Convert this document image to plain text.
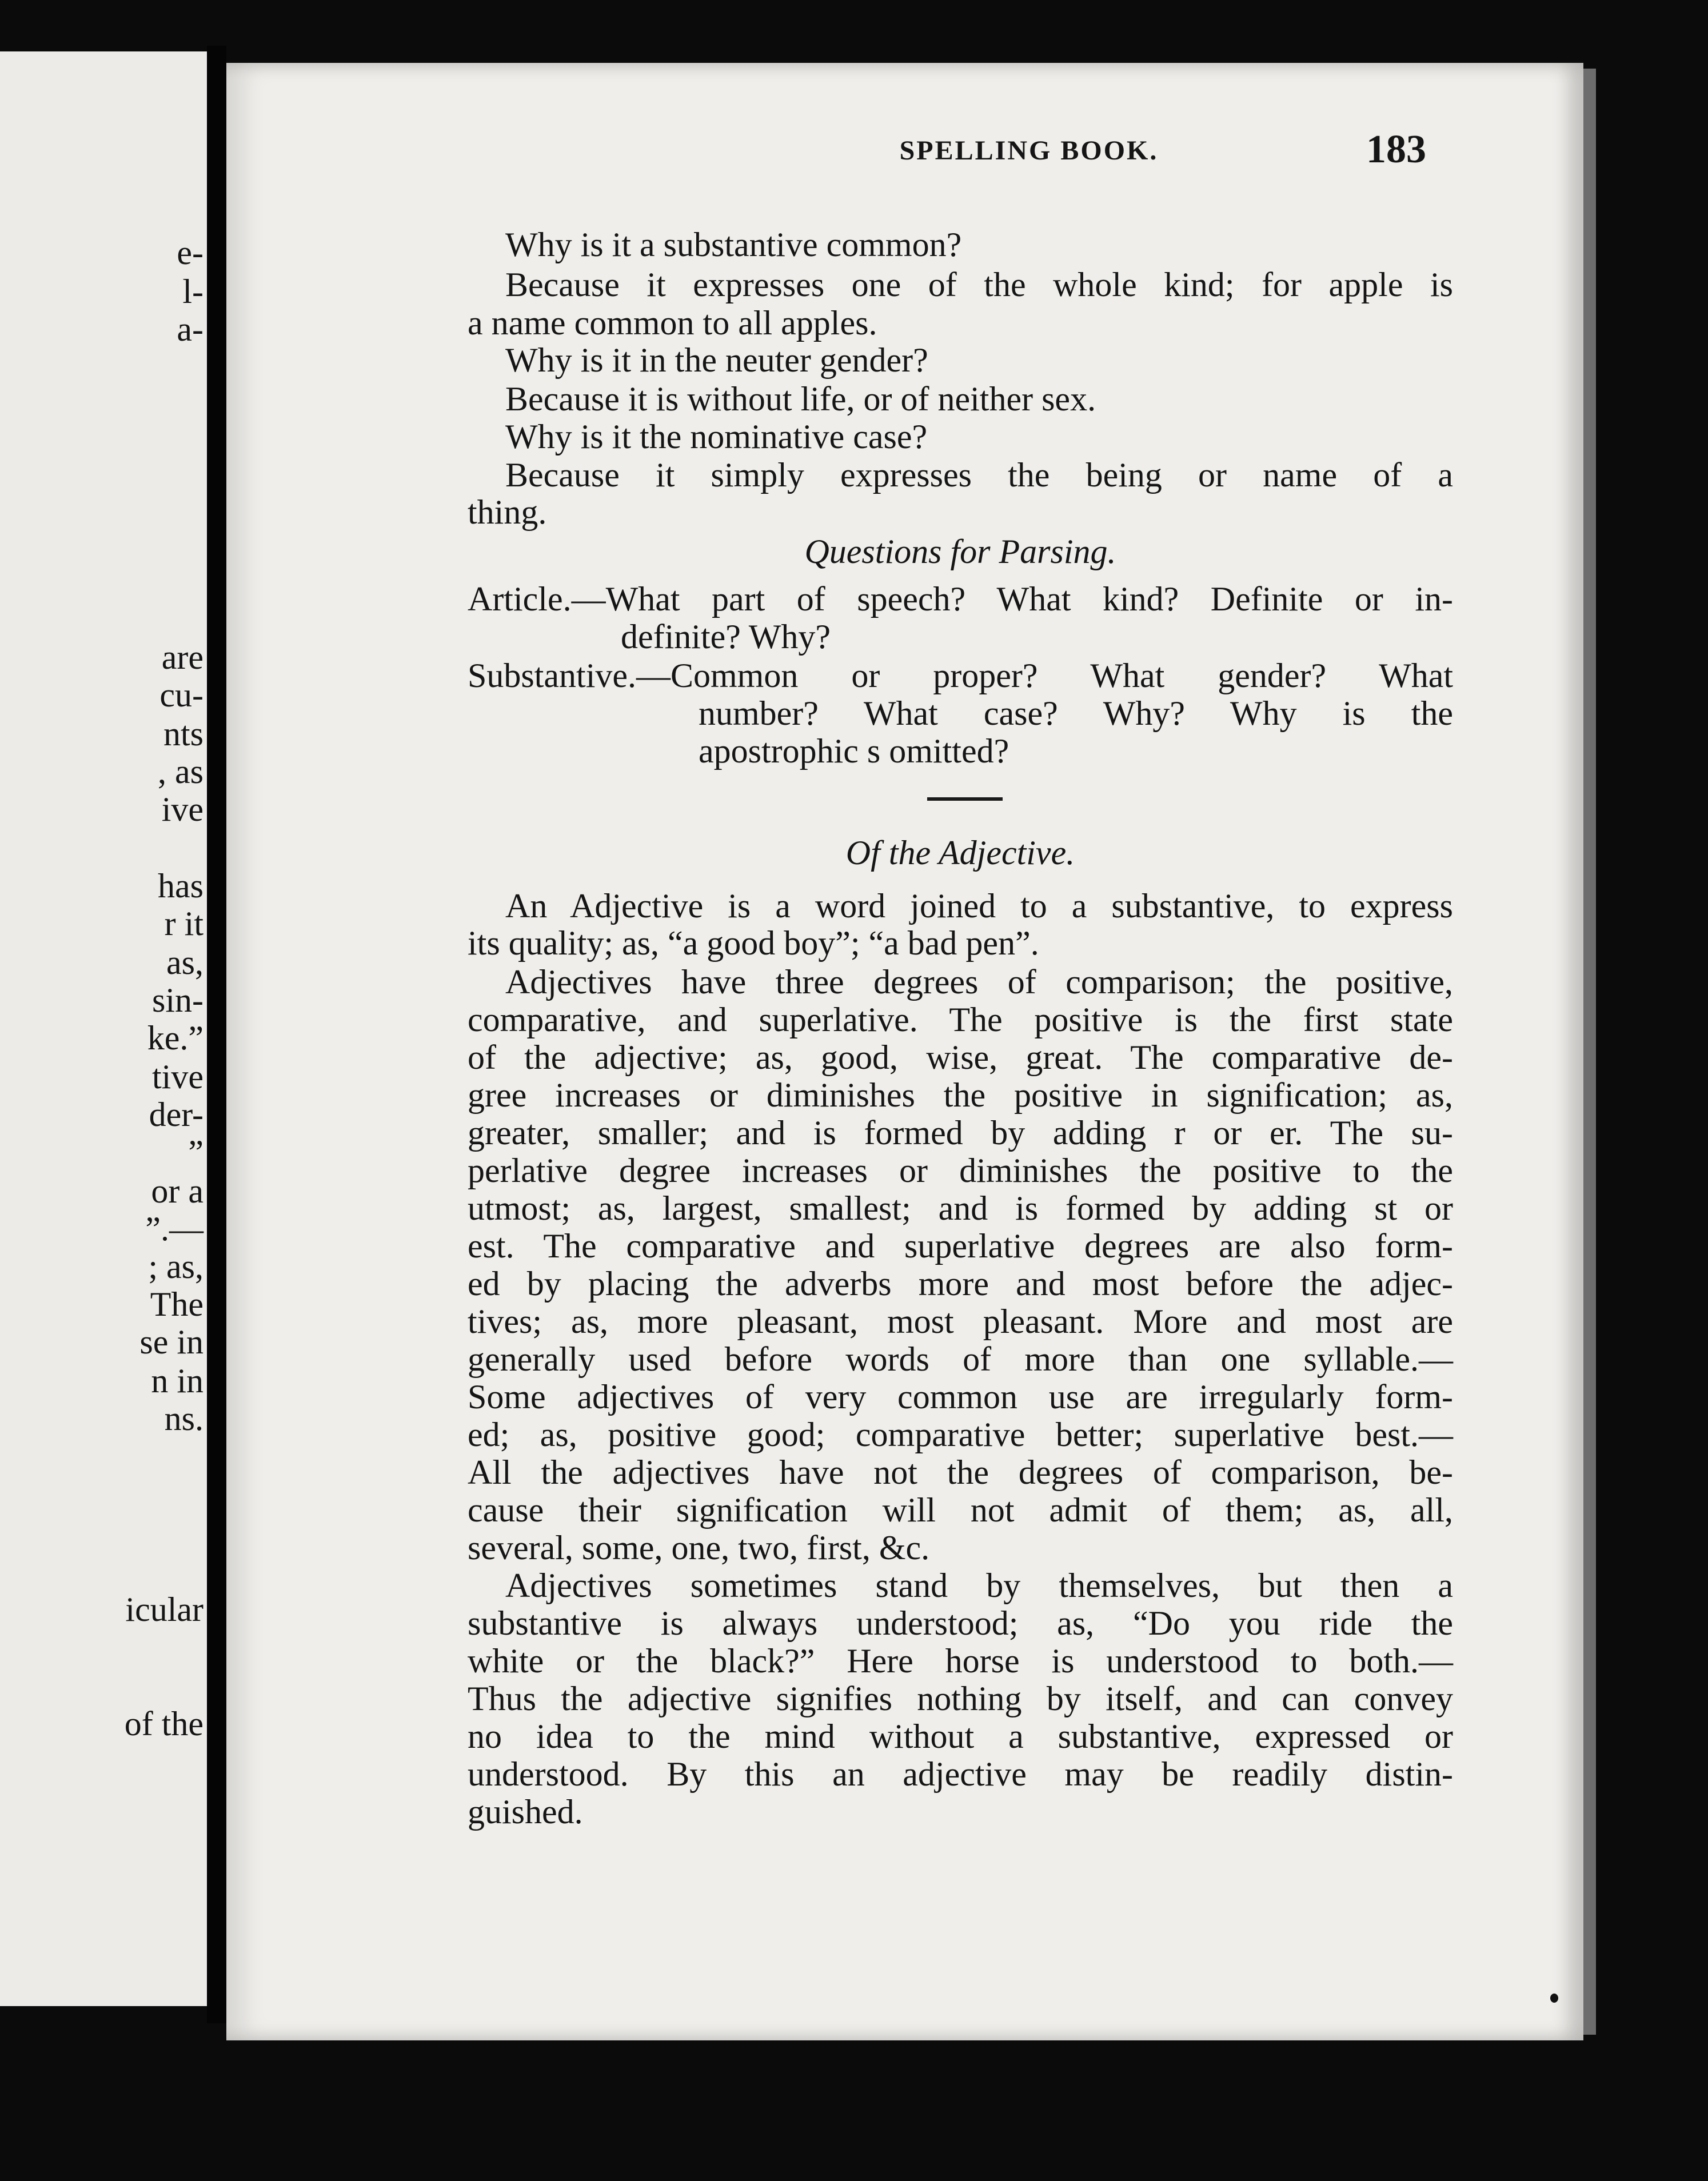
e-
l-
a-
are
cu-
nts
, as
ive
has
r it
as,
sin-
ke.”
tive
der-
”
or a
”.—
; as,
The
se in
n in
ns.
icular
of the
SPELLING BOOK.	183
Why is it a substantive common?
Because it expresses one of the whole kind; for apple is
a name common to all apples.
Why is it in the neuter gender?
Because it is without life, or of neither sex.
Why is it the nominative case?
Because it simply expresses the being or name of a
thing.
Questions for Parsing.
Article.—What part of speech? What kind? Definite or in-
definite? Why?
Substantive.—Common or proper? What gender? What
number? What case? Why? Why is the
apostrophic s omitted?
Of the Adjective.
An Adjective is a word joined to a substantive, to express
its quality; as, “a good boy”; “a bad pen”.
Adjectives have three degrees of comparison; the positive,
comparative, and superlative. The positive is the first state
of the adjective; as, good, wise, great. The comparative de-
gree increases or diminishes the positive in signification; as,
greater, smaller; and is formed by adding r or er. The su-
perlative degree increases or diminishes the positive to the
utmost; as, largest, smallest; and is formed by adding st or
est. The comparative and superlative degrees are also form-
ed by placing the adverbs more and most before the adjec-
tives; as, more pleasant, most pleasant. More and most are
generally used before words of more than one syllable.—
Some adjectives of very common use are irregularly form-
ed; as, positive good; comparative better; superlative best.—
All the adjectives have not the degrees of comparison, be-
cause their signification will not admit of them; as, all,
several, some, one, two, first, &c.
Adjectives sometimes stand by themselves, but then a
substantive is always understood; as, “Do you ride the
white or the black?” Here horse is understood to both.—
Thus the adjective signifies nothing by itself, and can convey
no idea to the mind without a substantive, expressed or
understood. By this an adjective may be readily distin-
guished.
